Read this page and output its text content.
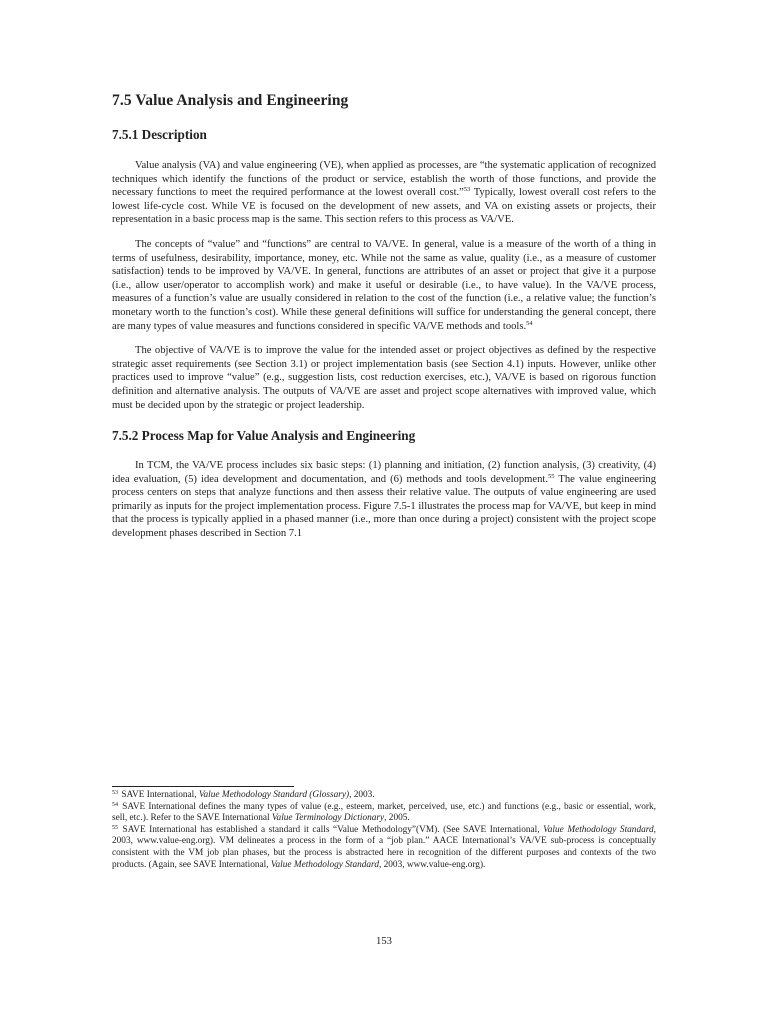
7.5 Value Analysis and Engineering
7.5.1 Description

Value analysis (VA) and value engineering (VE), when applied as processes, are “the systematic application of recognized techniques which identify the functions of the product or service, establish the worth of those functions, and provide the necessary functions to meet the required performance at the lowest overall cost.”$^{53}$ Typically, lowest overall cost refers to the lowest life-cycle cost. While VE is focused on the development of new assets, and VA on existing assets or projects, their representation in a basic process map is the same. This section refers to this process as VA/VE.

The concepts of “value” and “functions” are central to VA/VE. In general, value is a measure of the worth of a thing in terms of usefulness, desirability, importance, money, etc. While not the same as value, quality (i.e., as a measure of customer satisfaction) tends to be improved by VA/VE. In general, functions are attributes of an asset or project that give it a purpose (i.e., allow user/operator to accomplish work) and make it useful or desirable (i.e., to have value). In the VA/VE process, measures of a function’s value are usually considered in relation to the cost of the function (i.e., a relative value; the function’s monetary worth to the function’s cost). While these general definitions will suffice for understanding the general concept, there are many types of value measures and functions considered in specific VA/VE methods and tools.$^{54}$

The objective of VA/VE is to improve the value for the intended asset or project objectives as defined by the respective strategic asset requirements (see Section 3.1) or project implementation basis (see Section 4.1) inputs. However, unlike other practices used to improve “value” (e.g., suggestion lists, cost reduction exercises, etc.), VA/VE is based on rigorous function definition and alternative analysis. The outputs of VA/VE are asset and project scope alternatives with improved value, which must be decided upon by the strategic or project leadership.

7.5.2 Process Map for Value Analysis and Engineering

In TCM, the VA/VE process includes six basic steps: (1) planning and initiation, (2) function analysis, (3) creativity, (4) idea evaluation, (5) idea development and documentation, and (6) methods and tools development.$^{55}$ The value engineering process centers on steps that analyze functions and then assess their relative value. The outputs of value engineering are used primarily as inputs for the project implementation process. Figure 7.5-1 illustrates the process map for VA/VE, but keep in mind that the process is typically applied in a phased manner (i.e., more than once during a project) consistent with the project scope development phases described in Section 7.1

$^{53}$ SAVE International, Value Methodology Standard (Glossary), 2003.

$^{54}$ SAVE International defines the many types of value (e.g., esteem, market, perceived, use, etc.) and functions (e.g., basic or essential, work, sell, etc.). Refer to the SAVE International Value Terminology Dictionary, 2005.

$^{55}$ SAVE International has established a standard it calls “Value Methodology”(VM). (See SAVE International, Value Methodology Standard, 2003, www.value-eng.org). VM delineates a process in the form of a “job plan.” AACE International’s VA/VE sub-process is conceptually consistent with the VM job plan phases, but the process is abstracted here in recognition of the different purposes and contexts of the two products. (Again, see SAVE International, Value Methodology Standard, 2003, www.value-eng.org).

153
